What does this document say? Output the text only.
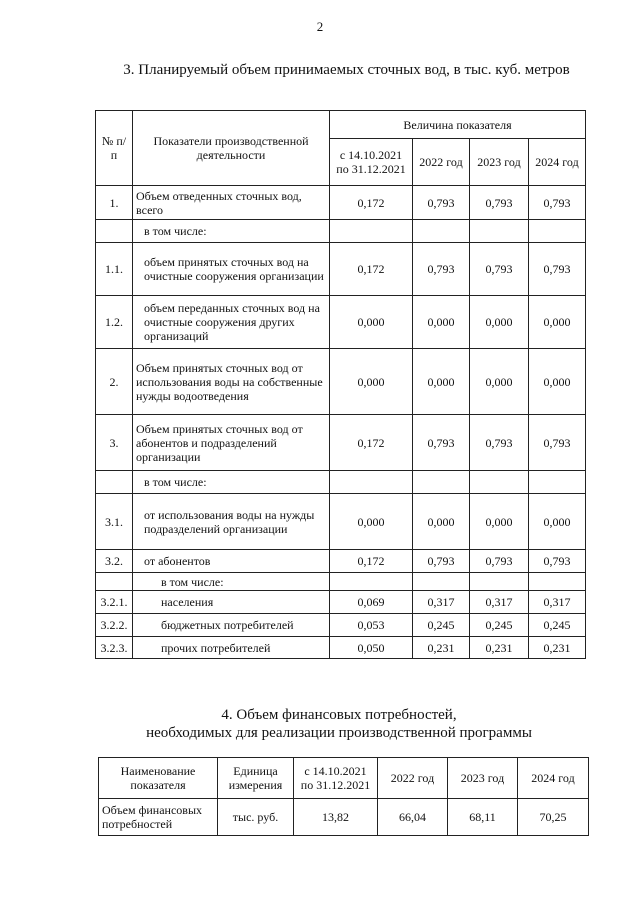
2
3. Планируемый объем принимаемых сточных вод, в тыс. куб. метров
№ п/п	Показатели производственной деятельности	Величина показателя			
		с 14.10.2021 по 31.12.2021	2022 год	2023 год	2024 год
1.	Объем отведенных сточных вод, всего	0,172	0,793	0,793	0,793
	в том числе:				
1.1.	объем принятых сточных вод на очистные сооружения организации	0,172	0,793	0,793	0,793
1.2.	объем переданных сточных вод на очистные сооружения других организаций	0,000	0,000	0,000	0,000
2.	Объем принятых сточных вод от использования воды на собственные нужды водоотведения	0,000	0,000	0,000	0,000
3.	Объем принятых сточных вод от абонентов и подразделений организации	0,172	0,793	0,793	0,793
	в том числе:				
3.1.	от использования воды на нужды подразделений организации	0,000	0,000	0,000	0,000
3.2.	от абонентов	0,172	0,793	0,793	0,793
	в том числе:				
3.2.1.	населения	0,069	0,317	0,317	0,317
3.2.2.	бюджетных потребителей	0,053	0,245	0,245	0,245
3.2.3.	прочих потребителей	0,050	0,231	0,231	0,231
4. Объем финансовых потребностей,
необходимых для реализации производственной программы
Наименование показателя	Единица измерения	с 14.10.2021 по 31.12.2021	2022 год	2023 год	2024 год
Объем финансовых потребностей	тыс. руб.	13,82	66,04	68,11	70,25
